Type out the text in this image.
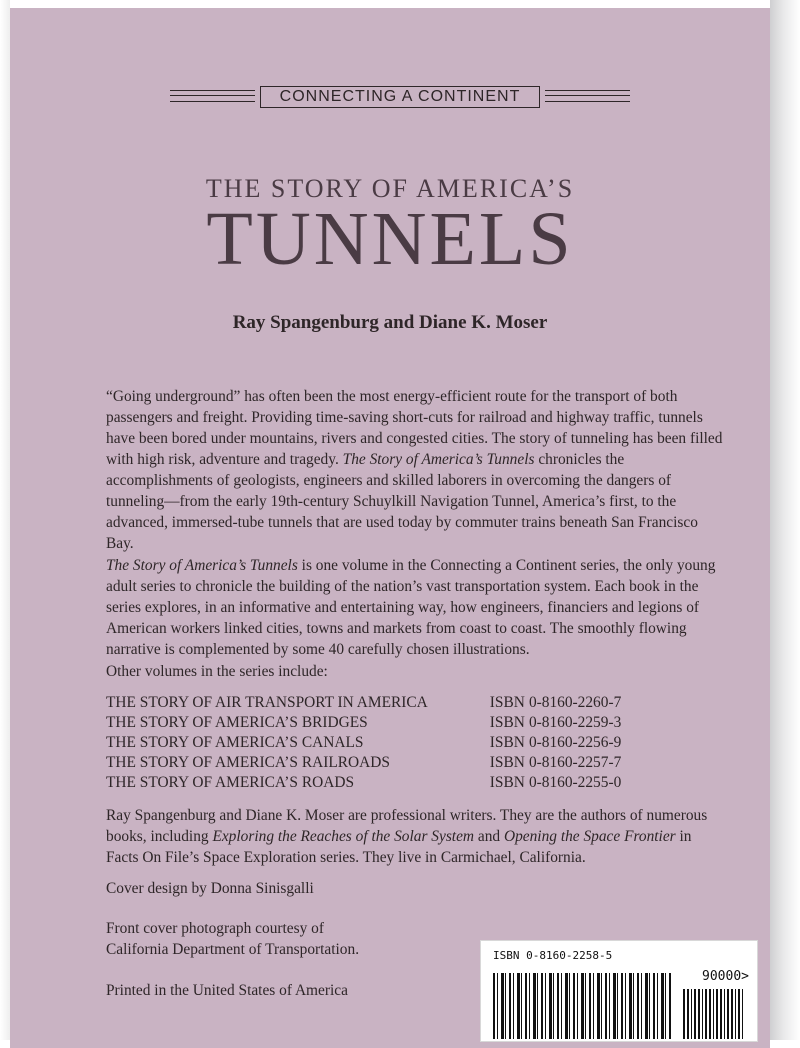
CONNECTING A CONTINENT
THE STORY OF AMERICA’S
TUNNELS
Ray Spangenburg and Diane K. Moser
“Going underground” has often been the most energy-efficient route for the transport of both passengers and freight. Providing time-saving short-cuts for railroad and highway traffic, tunnels have been bored under mountains, rivers and congested cities. The story of tunneling has been filled with high risk, adventure and tragedy. The Story of America’s Tunnels chronicles the accomplishments of geologists, engineers and skilled laborers in overcoming the dangers of tunneling—from the early 19th-century Schuylkill Navigation Tunnel, America’s first, to the advanced, immersed-tube tunnels that are used today by commuter trains beneath San Francisco Bay.
The Story of America’s Tunnels is one volume in the Connecting a Continent series, the only young adult series to chronicle the building of the nation’s vast transportation system. Each book in the series explores, in an informative and entertaining way, how engineers, financiers and legions of American workers linked cities, towns and markets from coast to coast. The smoothly flowing narrative is complemented by some 40 carefully chosen illustrations.
Other volumes in the series include:
THE STORY OF AIR TRANSPORT IN AMERICA	ISBN 0-8160-2260-7
THE STORY OF AMERICA’S BRIDGES	ISBN 0-8160-2259-3
THE STORY OF AMERICA’S CANALS	ISBN 0-8160-2256-9
THE STORY OF AMERICA’S RAILROADS	ISBN 0-8160-2257-7
THE STORY OF AMERICA’S ROADS	ISBN 0-8160-2255-0
Ray Spangenburg and Diane K. Moser are professional writers. They are the authors of numerous books, including Exploring the Reaches of the Solar System and Opening the Space Frontier in Facts On File’s Space Exploration series. They live in Carmichael, California.
Cover design by Donna Sinisgalli
Front cover photograph courtesy of
California Department of Transportation.
Printed in the United States of America
ISBN 0-8160-2258-5
90000>
